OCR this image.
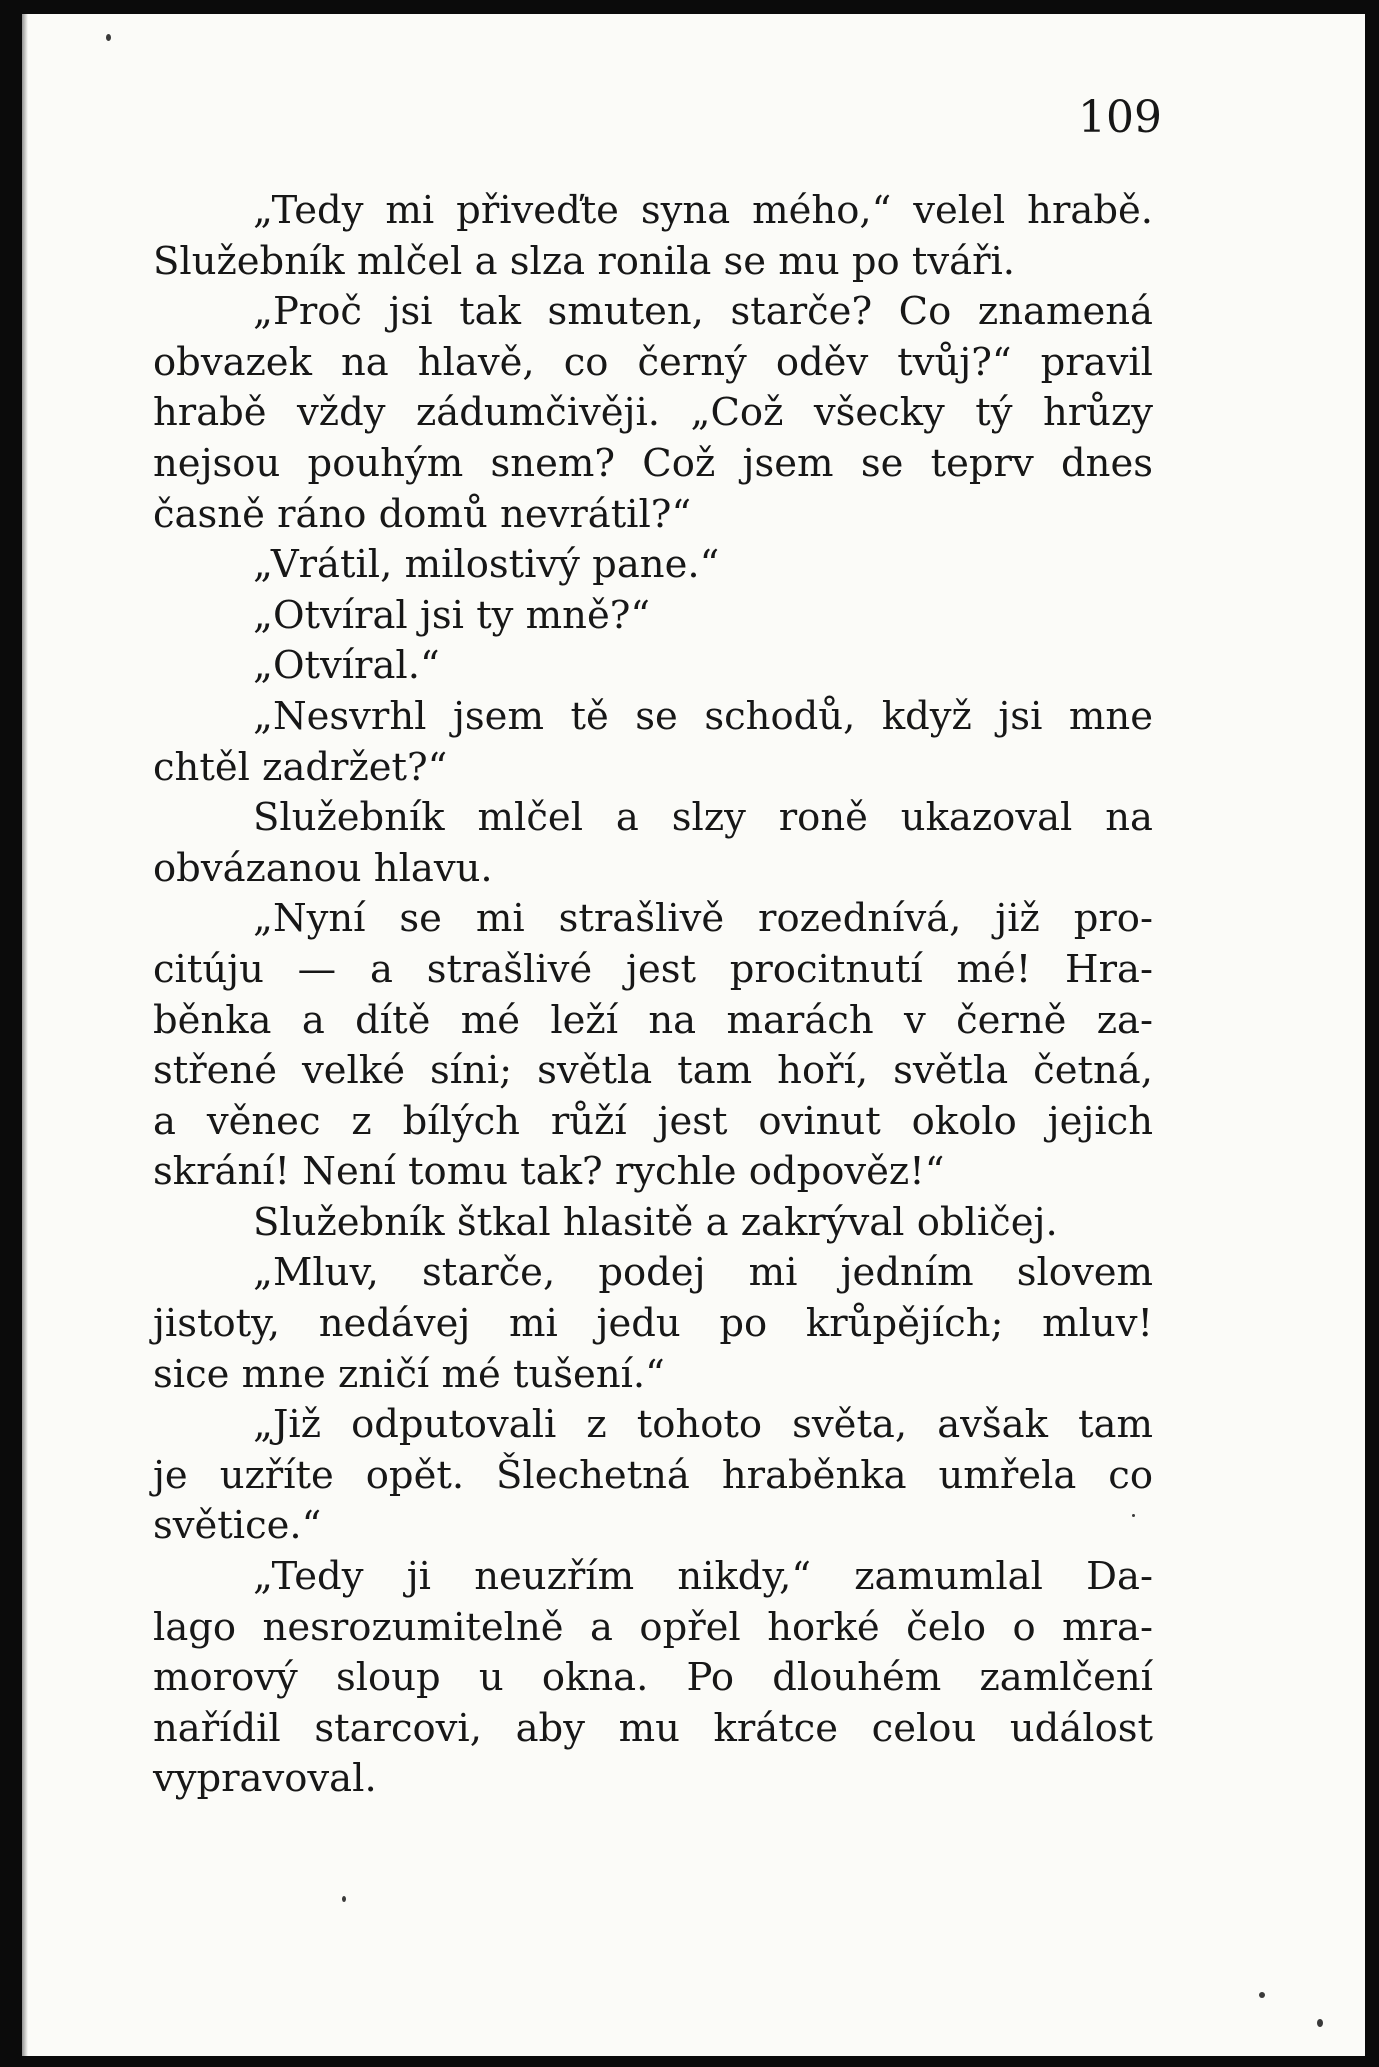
109
„Tedy mi přiveďte syna mého,“ velel hrabě.
Služebník mlčel a slza ronila se mu po tváři.
„Proč jsi tak smuten, starče? Co znamená
obvazek na hlavě, co černý oděv tvůj?“ pravil
hrabě vždy zádumčivěji. „Což všecky tý hrůzy
nejsou pouhým snem? Což jsem se teprv dnes
časně ráno domů nevrátil?“
„Vrátil, milostivý pane.“
„Otvíral jsi ty mně?“
„Otvíral.“
„Nesvrhl jsem tě se schodů, když jsi mne
chtěl zadržet?“
Služebník mlčel a slzy roně ukazoval na
obvázanou hlavu.
„Nyní se mi strašlivě rozednívá, již pro-
citúju — a strašlivé jest procitnutí mé! Hra-
běnka a dítě mé leží na marách v černě za-
střené velké síni; světla tam hoří, světla četná,
a věnec z bílých růží jest ovinut okolo jejich
skrání! Není tomu tak? rychle odpověz!“
Služebník štkal hlasitě a zakrýval obličej.
„Mluv, starče, podej mi jedním slovem
jistoty, nedávej mi jedu po krůpějích; mluv!
sice mne zničí mé tušení.“
„Již odputovali z tohoto světa, avšak tam
je uzříte opět. Šlechetná hraběnka umřela co
světice.“
„Tedy ji neuzřím nikdy,“ zamumlal Da-
lago nesrozumitelně a opřel horké čelo o mra-
morový sloup u okna. Po dlouhém zamlčení
nařídil starcovi, aby mu krátce celou událost
vypravoval.
